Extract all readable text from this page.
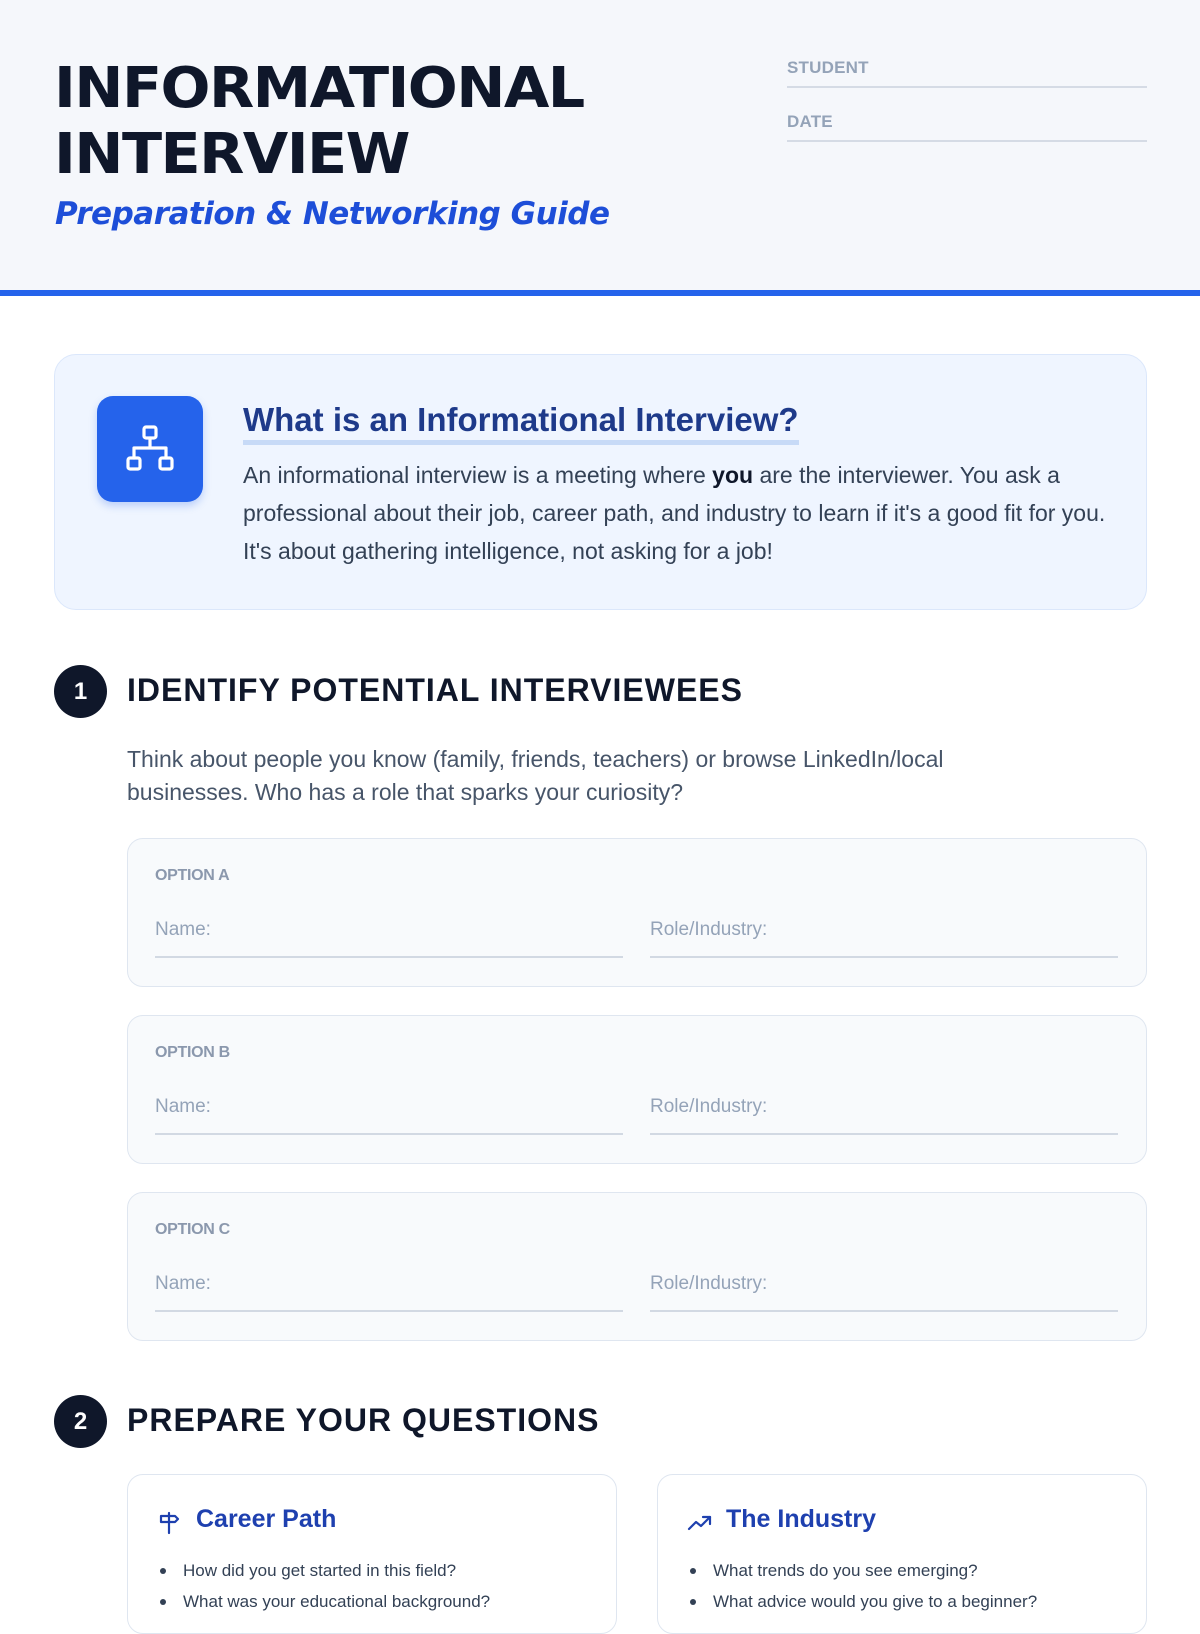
INFORMATIONAL
INTERVIEW
Preparation & Networking Guide
STUDENT
DATE
What is an Informational Interview?
An informational interview is a meeting where you are the interviewer. You ask a professional about their job, career path, and industry to learn if it's a good fit for you. It's about gathering intelligence, not asking for a job!
1	IDENTIFY POTENTIAL INTERVIEWEES
Think about people you know (family, friends, teachers) or browse LinkedIn/local businesses. Who has a role that sparks your curiosity?
OPTION A
Name:	Role/Industry:
OPTION B
Name:	Role/Industry:
OPTION C
Name:	Role/Industry:
2	PREPARE YOUR QUESTIONS
Career Path
How did you get started in this field?
What was your educational background?
The Industry
What trends do you see emerging?
What advice would you give to a beginner?
